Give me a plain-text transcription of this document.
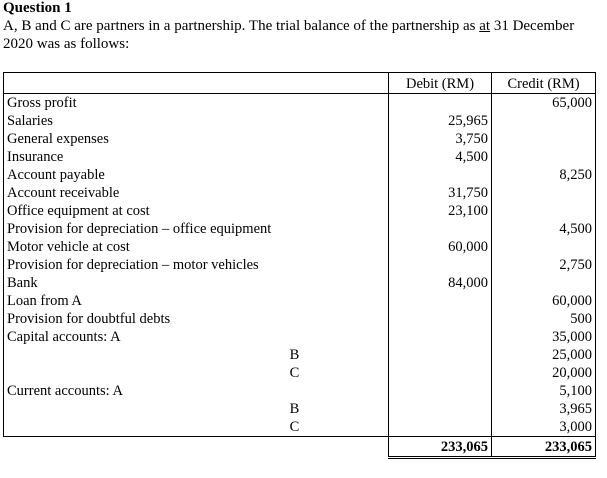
Question 1
A, B and C are partners in a partnership. The trial balance of the partnership as at 31 December 2020 was as follows:
	Debit (RM)	Credit (RM)
Gross profit		65,000
Salaries	25,965	
General expenses	3,750	
Insurance	4,500	
Account payable		8,250
Account receivable	31,750	
Office equipment at cost	23,100	
Provision for depreciation – office equipment		4,500
Motor vehicle at cost	60,000	
Provision for depreciation – motor vehicles		2,750
Bank	84,000	
Loan from A		60,000
Provision for doubtful debts		500
Capital accounts: A		35,000
B		25,000
C		20,000
Current accounts: A		5,100
B		3,965
C		3,000
	233,065	233,065
